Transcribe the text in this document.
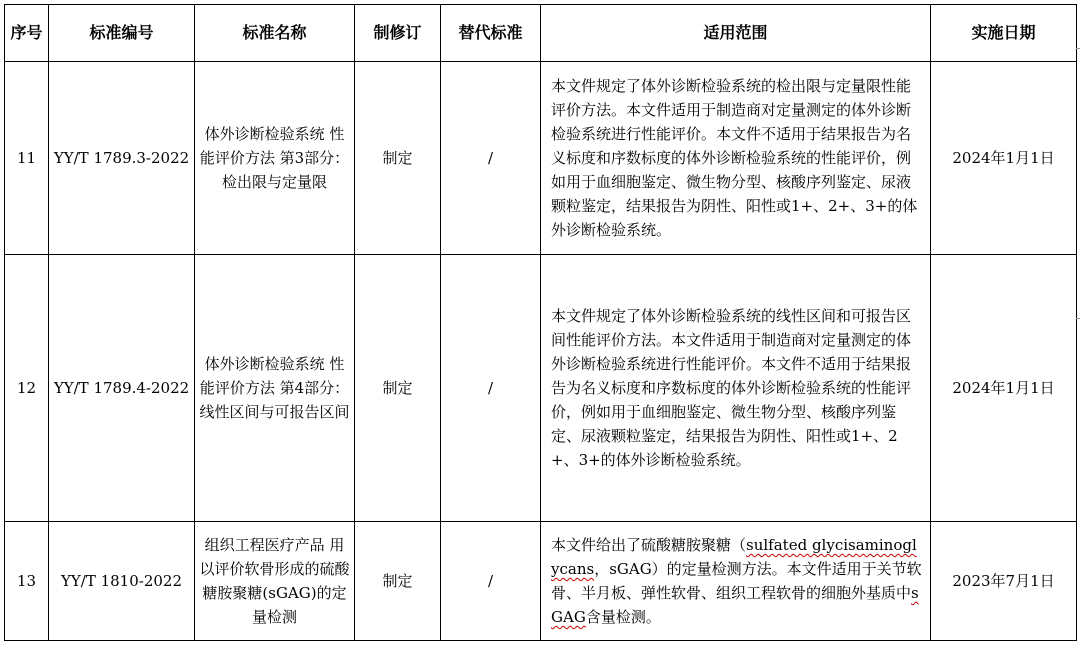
序号	标准编号	标准名称	制修订	替代标准	适用范围	实施日期
11	YY/T 1789.3-2022	体外诊断检验系统 性能评价方法 第3部分：检出限与定量限	制定	/	本文件规定了体外诊断检验系统的检出限与定量限性能评价方法。本文件适用于制造商对定量测定的体外诊断检验系统进行性能评价。本文件不适用于结果报告为名义标度和序数标度的体外诊断检验系统的性能评价，例如用于血细胞鉴定、微生物分型、核酸序列鉴定、尿液颗粒鉴定，结果报告为阴性、阳性或1+、2+、3+的体外诊断检验系统。	2024年1月1日
12	YY/T 1789.4-2022	体外诊断检验系统 性能评价方法 第4部分：线性区间与可报告区间	制定	/	本文件规定了体外诊断检验系统的线性区间和可报告区间性能评价方法。本文件适用于制造商对定量测定的体外诊断检验系统进行性能评价。本文件不适用于结果报告为名义标度和序数标度的体外诊断检验系统的性能评价，例如用于血细胞鉴定、微生物分型、核酸序列鉴定、尿液颗粒鉴定，结果报告为阴性、阳性或1+、2+、3+的体外诊断检验系统。	2024年1月1日
13	YY/T 1810-2022	组织工程医疗产品 用以评价软骨形成的硫酸糖胺聚糖(sGAG)的定量检测	制定	/	本文件给出了硫酸糖胺聚糖（sulfated glycisaminoglycans，sGAG）的定量检测方法。本文件适用于关节软骨、半月板、弹性软骨、组织工程软骨的细胞外基质中sGAG含量检测。	2023年7月1日
